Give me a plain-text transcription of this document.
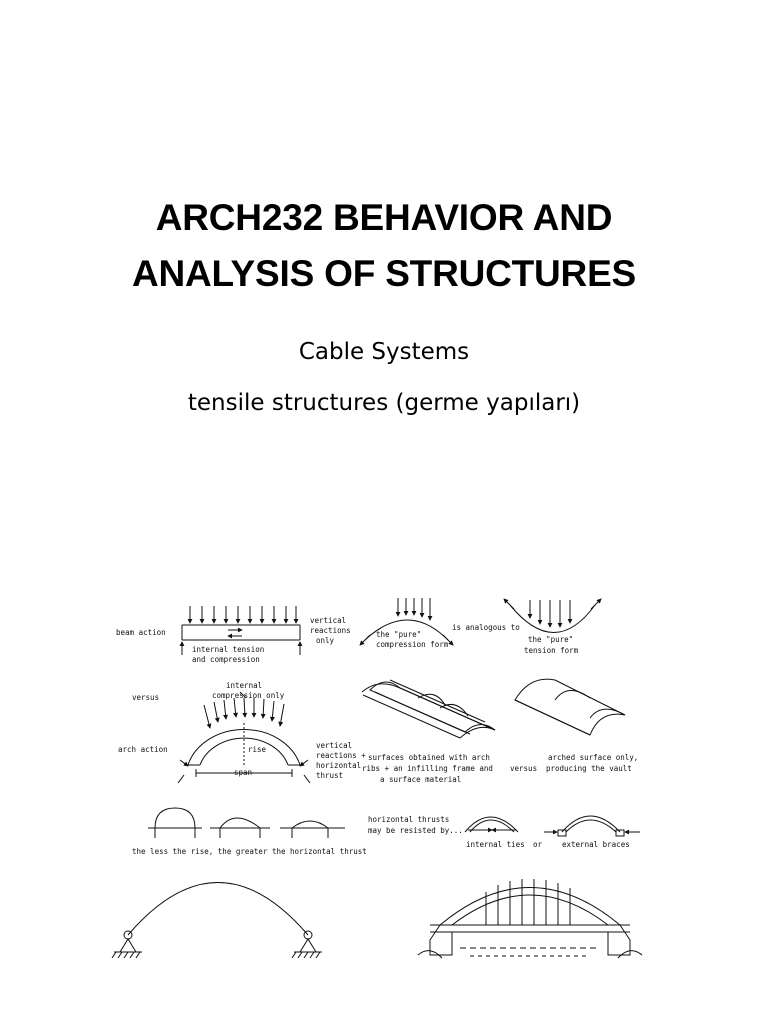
ARCH232 BEHAVIOR AND
ANALYSIS OF STRUCTURES
Cable Systems
tensile structures (germe yapıları)
beam action
vertical
reactions
only
internal tension
and compression
the "pure"
compression form
is analogous to
the "pure"
tension form
versus
internal
compression only
arch action	rise
span
vertical
reactions +
horizontal
thrust
surfaces obtained with arch
ribs + an infilling frame and
a surface material
versus
arched surface only,
producing the vault
the less the rise, the greater the horizontal thrust
horizontal thrusts
may be resisted by...
internal ties or	external braces
